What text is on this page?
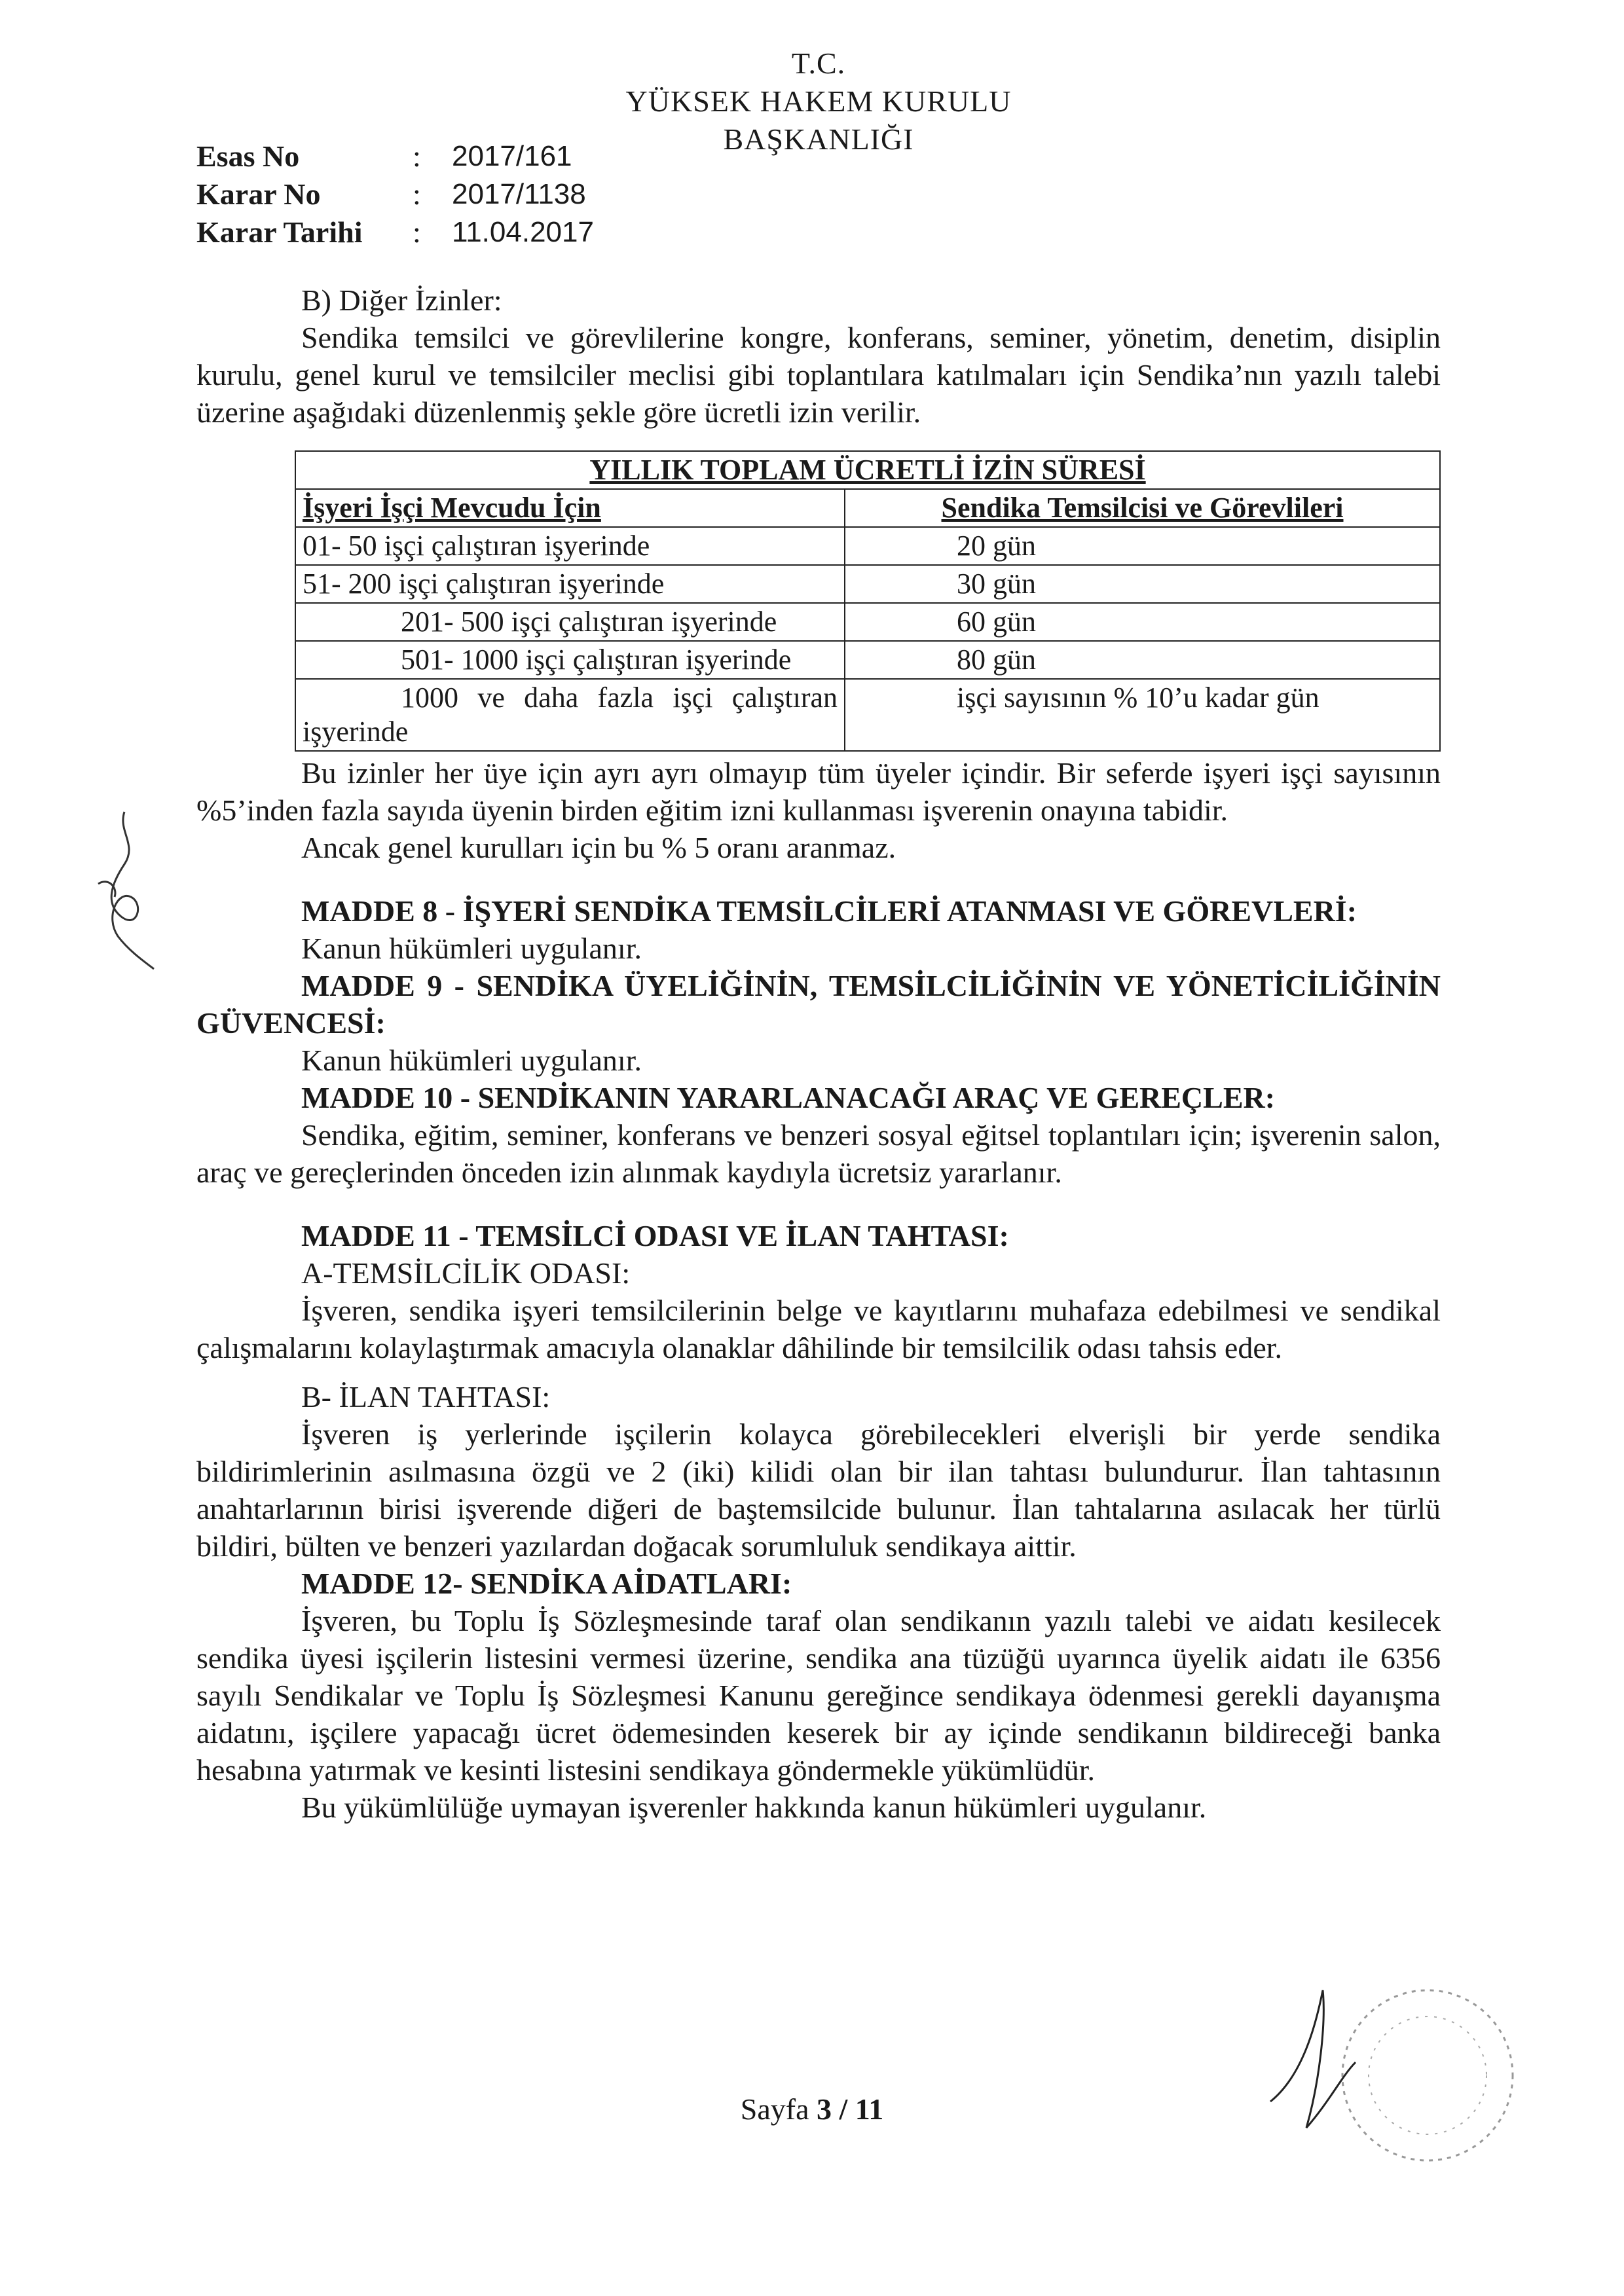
T.C.
YÜKSEK HAKEM KURULU
BAŞKANLIĞI
Esas No	:	2017/161
Karar No	:	2017/1138
Karar Tarihi	:	11.04.2017

B) Diğer İzinler:

Sendika temsilci ve görevlilerine kongre, konferans, seminer, yönetim, denetim, disiplin kurulu, genel kurul ve temsilciler meclisi gibi toplantılara katılmaları için Sendika’nın yazılı talebi üzerine aşağıdaki düzenlenmiş şekle göre ücretli izin verilir.

YILLIK TOPLAM ÜCRETLİ İZİN SÜRESİ	
İşyeri İşçi Mevcudu İçin	Sendika Temsilcisi ve Görevlileri
01- 50 işçi çalıştıran işyerinde	20 gün
51- 200 işçi çalıştıran işyerinde	30 gün
201- 500 işçi çalıştıran işyerinde	60 gün
501- 1000 işçi çalıştıran işyerinde	80 gün
1000 ve daha fazla işçi çalıştıran işyerinde	işçi sayısının % 10’u kadar gün

Bu izinler her üye için ayrı ayrı olmayıp tüm üyeler içindir. Bir seferde işyeri işçi sayısının %5’inden fazla sayıda üyenin birden eğitim izni kullanması işverenin onayına tabidir.

Ancak genel kurulları için bu % 5 oranı aranmaz.

MADDE 8 - İŞYERİ SENDİKA TEMSİLCİLERİ ATANMASI VE GÖREVLERİ:

Kanun hükümleri uygulanır.

MADDE 9 - SENDİKA ÜYELİĞİNİN, TEMSİLCİLİĞİNİN VE YÖNETİCİLİĞİNİN GÜVENCESİ:

Kanun hükümleri uygulanır.

MADDE 10 - SENDİKANIN YARARLANACAĞI ARAÇ VE GEREÇLER:

Sendika, eğitim, seminer, konferans ve benzeri sosyal eğitsel toplantıları için; işverenin salon, araç ve gereçlerinden önceden izin alınmak kaydıyla ücretsiz yararlanır.

MADDE 11 - TEMSİLCİ ODASI VE İLAN TAHTASI:

A-TEMSİLCİLİK ODASI:

İşveren, sendika işyeri temsilcilerinin belge ve kayıtlarını muhafaza edebilmesi ve sendikal çalışmalarını kolaylaştırmak amacıyla olanaklar dâhilinde bir temsilcilik odası tahsis eder.

B- İLAN TAHTASI:

İşveren iş yerlerinde işçilerin kolayca görebilecekleri elverişli bir yerde sendika bildirimlerinin asılmasına özgü ve 2 (iki) kilidi olan bir ilan tahtası bulundurur. İlan tahtasının anahtarlarının birisi işverende diğeri de baştemsilcide bulunur. İlan tahtalarına asılacak her türlü bildiri, bülten ve benzeri yazılardan doğacak sorumluluk sendikaya aittir.

MADDE 12- SENDİKA AİDATLARI:

İşveren, bu Toplu İş Sözleşmesinde taraf olan sendikanın yazılı talebi ve aidatı kesilecek sendika üyesi işçilerin listesini vermesi üzerine, sendika ana tüzüğü uyarınca üyelik aidatı ile 6356 sayılı Sendikalar ve Toplu İş Sözleşmesi Kanunu gereğince sendikaya ödenmesi gerekli dayanışma aidatını, işçilere yapacağı ücret ödemesinden keserek bir ay içinde sendikanın bildireceği banka hesabına yatırmak ve kesinti listesini sendikaya göndermekle yükümlüdür.

Bu yükümlülüğe uymayan işverenler hakkında kanun hükümleri uygulanır.

Sayfa 3 / 11
